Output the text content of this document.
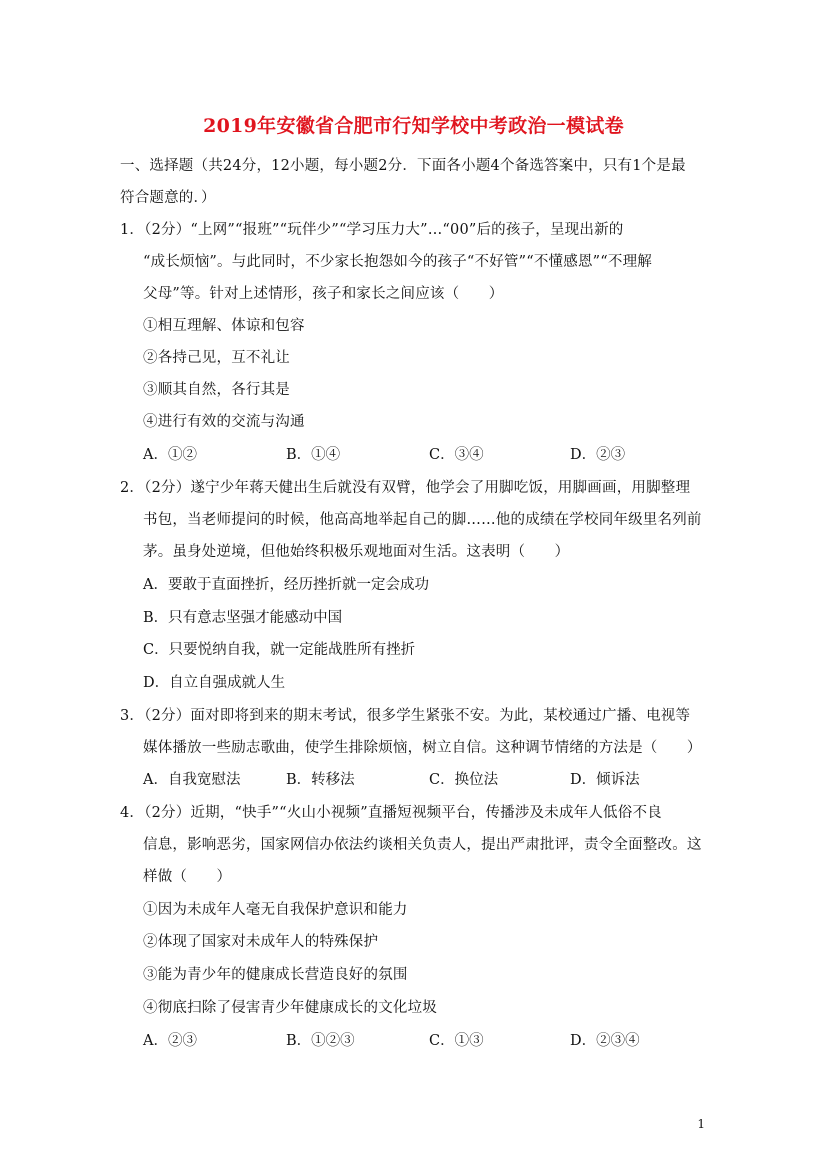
2019年安徽省合肥市行知学校中考政治一模试卷
一、选择题（共24分，12小题，每小题2分．下面各小题4个备选答案中，只有1个是最
符合题意的．）
1．（2分）“上网”“报班”“玩伴少”“学习压力大”…“00”后的孩子，呈现出新的
“成长烦恼”。与此同时，不少家长抱怨如今的孩子“不好管”“不懂感恩”“不理解
父母”等。针对上述情形，孩子和家长之间应该（　　）
①相互理解、体谅和包容
②各持己见，互不礼让
③顺其自然，各行其是
④进行有效的交流与沟通
A．①②	B．①④	C．③④	D．②③
2．（2分）遂宁少年蒋天健出生后就没有双臂，他学会了用脚吃饭，用脚画画，用脚整理
书包，当老师提问的时候，他高高地举起自己的脚……他的成绩在学校同年级里名列前
茅。虽身处逆境，但他始终积极乐观地面对生活。这表明（　　）
A．要敢于直面挫折，经历挫折就一定会成功
B．只有意志坚强才能感动中国
C．只要悦纳自我，就一定能战胜所有挫折
D．自立自强成就人生
3．（2分）面对即将到来的期末考试，很多学生紧张不安。为此，某校通过广播、电视等
媒体播放一些励志歌曲，使学生排除烦恼，树立自信。这种调节情绪的方法是（　　）
A．自我宽慰法	B．转移法	C．换位法	D．倾诉法
4．（2分）近期，“快手”“火山小视频”直播短视频平台，传播涉及未成年人低俗不良
信息，影响恶劣，国家网信办依法约谈相关负责人，提出严肃批评，责令全面整改。这
样做（　　）
①因为未成年人毫无自我保护意识和能力
②体现了国家对未成年人的特殊保护
③能为青少年的健康成长营造良好的氛围
④彻底扫除了侵害青少年健康成长的文化垃圾
A．②③	B．①②③	C．①③	D．②③④
1
